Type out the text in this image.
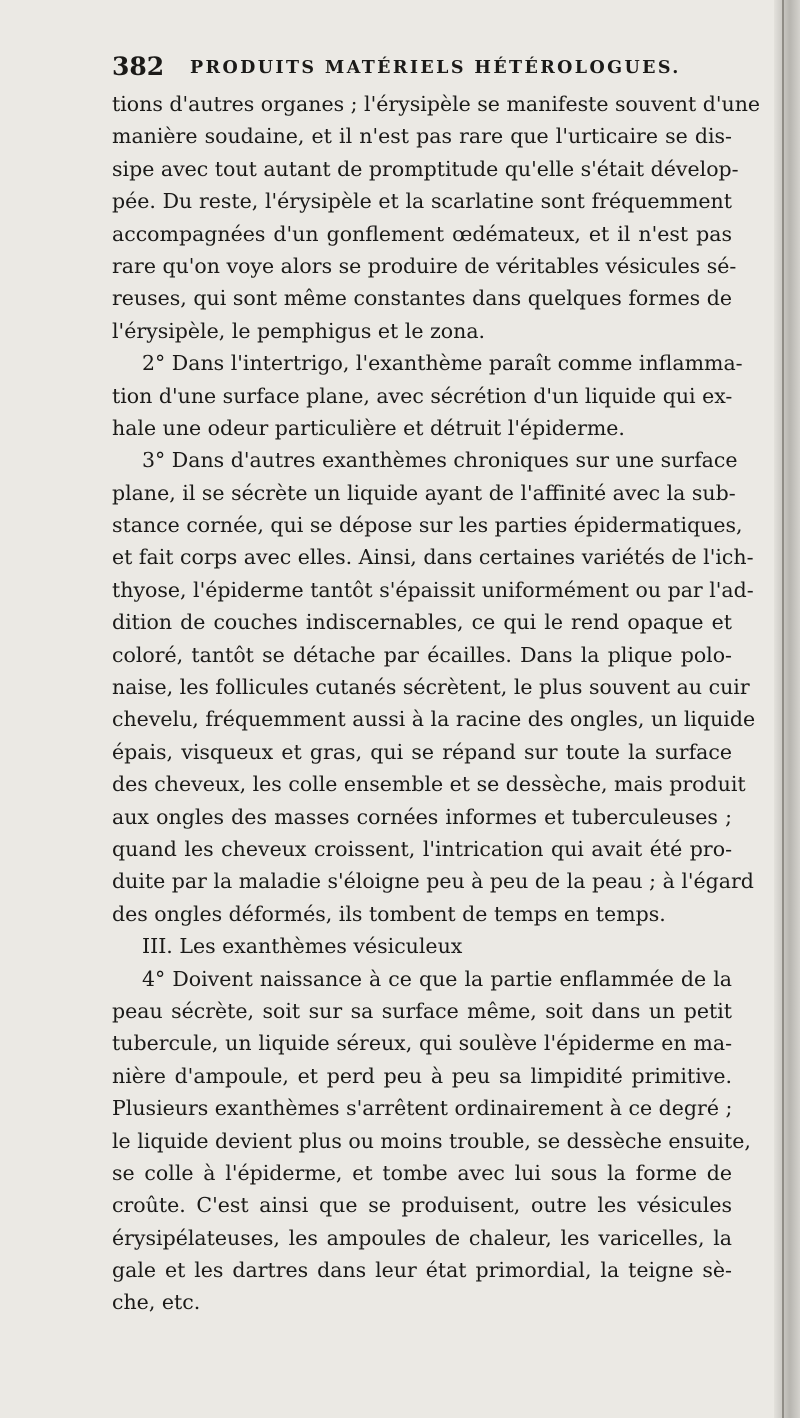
382 PRODUITS MATÉRIELS HÉTÉROLOGUES.
tions d'autres organes ; l'érysipèle se manifeste souvent d'une
manière soudaine, et il n'est pas rare que l'urticaire se dis-
sipe avec tout autant de promptitude qu'elle s'était dévelop-
pée. Du reste, l'érysipèle et la scarlatine sont fréquemment
accompagnées d'un gonflement œdémateux, et il n'est pas
rare qu'on voye alors se produire de véritables vésicules sé-
reuses, qui sont même constantes dans quelques formes de
l'érysipèle, le pemphigus et le zona.
2° Dans l'intertrigo, l'exanthème paraît comme inflamma-
tion d'une surface plane, avec sécrétion d'un liquide qui ex-
hale une odeur particulière et détruit l'épiderme.
3° Dans d'autres exanthèmes chroniques sur une surface
plane, il se sécrète un liquide ayant de l'affinité avec la sub-
stance cornée, qui se dépose sur les parties épidermatiques,
et fait corps avec elles. Ainsi, dans certaines variétés de l'ich-
thyose, l'épiderme tantôt s'épaissit uniformément ou par l'ad-
dition de couches indiscernables, ce qui le rend opaque et
coloré, tantôt se détache par écailles. Dans la plique polo-
naise, les follicules cutanés sécrètent, le plus souvent au cuir
chevelu, fréquemment aussi à la racine des ongles, un liquide
épais, visqueux et gras, qui se répand sur toute la surface
des cheveux, les colle ensemble et se dessèche, mais produit
aux ongles des masses cornées informes et tuberculeuses ;
quand les cheveux croissent, l'intrication qui avait été pro-
duite par la maladie s'éloigne peu à peu de la peau ; à l'égard
des ongles déformés, ils tombent de temps en temps.
III. Les exanthèmes vésiculeux
4° Doivent naissance à ce que la partie enflammée de la
peau sécrète, soit sur sa surface même, soit dans un petit
tubercule, un liquide séreux, qui soulève l'épiderme en ma-
nière d'ampoule, et perd peu à peu sa limpidité primitive.
Plusieurs exanthèmes s'arrêtent ordinairement à ce degré ;
le liquide devient plus ou moins trouble, se dessèche ensuite,
se colle à l'épiderme, et tombe avec lui sous la forme de
croûte. C'est ainsi que se produisent, outre les vésicules
érysipélateuses, les ampoules de chaleur, les varicelles, la
gale et les dartres dans leur état primordial, la teigne sè-
che, etc.
